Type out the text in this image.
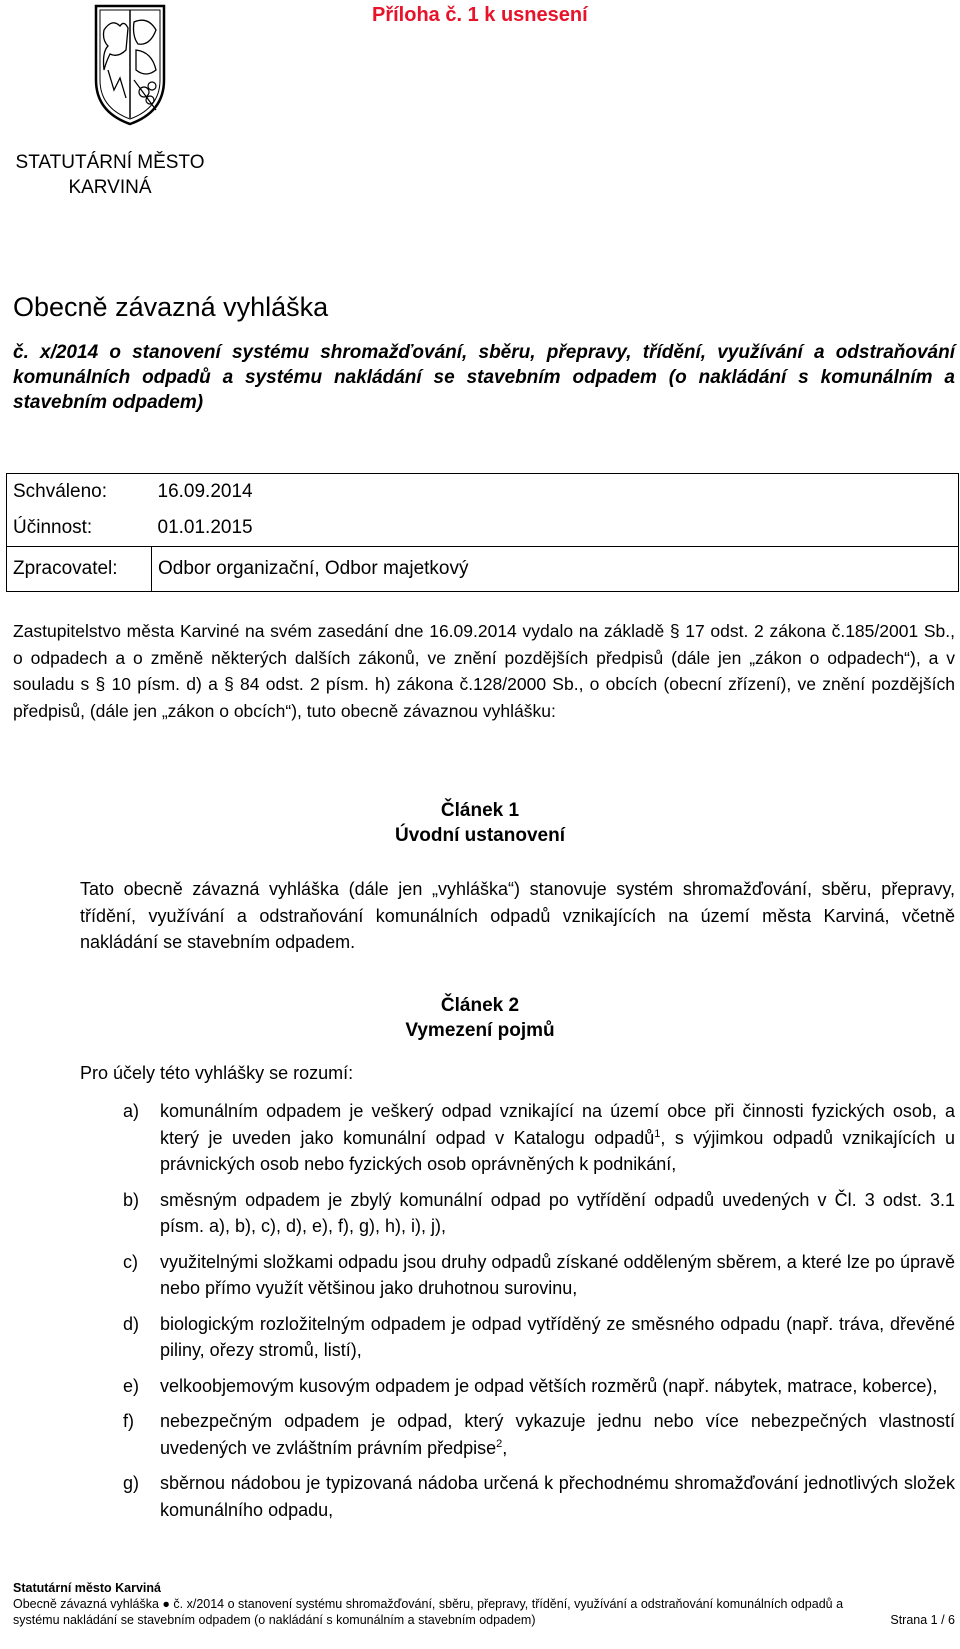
Příloha č. 1 k usnesení
STATUTÁRNÍ MĚSTO
KARVINÁ
Obecně závazná vyhláška
č. x/2014 o stanovení systému shromažďování, sběru, přepravy, třídění, využívání a odstraňování komunálních odpadů a systému nakládání se stavebním odpadem (o nakládání s komunálním a stavebním odpadem)
Schváleno:	16.09.2014
Účinnost:	01.01.2015
Zpracovatel:	Odbor organizační, Odbor majetkový
Zastupitelstvo města Karviné na svém zasedání dne 16.09.2014 vydalo na základě § 17 odst. 2 zákona č.185/2001 Sb., o odpadech a o změně některých dalších zákonů, ve znění pozdějších předpisů (dále jen „zákon o odpadech“), a v souladu s § 10 písm. d) a § 84 odst. 2 písm. h) zákona č.128/2000 Sb., o obcích (obecní zřízení), ve znění pozdějších předpisů, (dále jen „zákon o obcích“), tuto obecně závaznou vyhlášku:
Článek 1
Úvodní ustanovení
Tato obecně závazná vyhláška (dále jen „vyhláška“) stanovuje systém shromažďování, sběru, přepravy, třídění, využívání a odstraňování komunálních odpadů vznikajících na území města Karviná, včetně nakládání se stavebním odpadem.
Článek 2
Vymezení pojmů
Pro účely této vyhlášky se rozumí:
a) komunálním odpadem je veškerý odpad vznikající na území obce při činnosti fyzických osob, a který je uveden jako komunální odpad v Katalogu odpadů$^1$, s výjimkou odpadů vznikajících u právnických osob nebo fyzických osob oprávněných k podnikání,
b) směsným odpadem je zbylý komunální odpad po vytřídění odpadů uvedených v Čl. 3 odst. 3.1 písm. a), b), c), d), e), f), g), h), i), j),
c) využitelnými složkami odpadu jsou druhy odpadů získané odděleným sběrem, a které lze po úpravě nebo přímo využít většinou jako druhotnou surovinu,
d) biologickým rozložitelným odpadem je odpad vytříděný ze směsného odpadu (např. tráva, dřevěné piliny, ořezy stromů, listí),
e) velkoobjemovým kusovým odpadem je odpad větších rozměrů (např. nábytek, matrace, koberce),
f) nebezpečným odpadem je odpad, který vykazuje jednu nebo více nebezpečných vlastností uvedených ve zvláštním právním předpise$^2$,
g) sběrnou nádobou je typizovaná nádoba určená k přechodnému shromažďování jednotlivých složek komunálního odpadu,
Statutární město Karviná
Obecně závazná vyhláška ● č. x/2014 o stanovení systému shromažďování, sběru, přepravy, třídění, využívání a odstraňování komunálních odpadů a systému nakládání se stavebním odpadem (o nakládání s komunálním a stavebním odpadem)	Strana 1 / 6
